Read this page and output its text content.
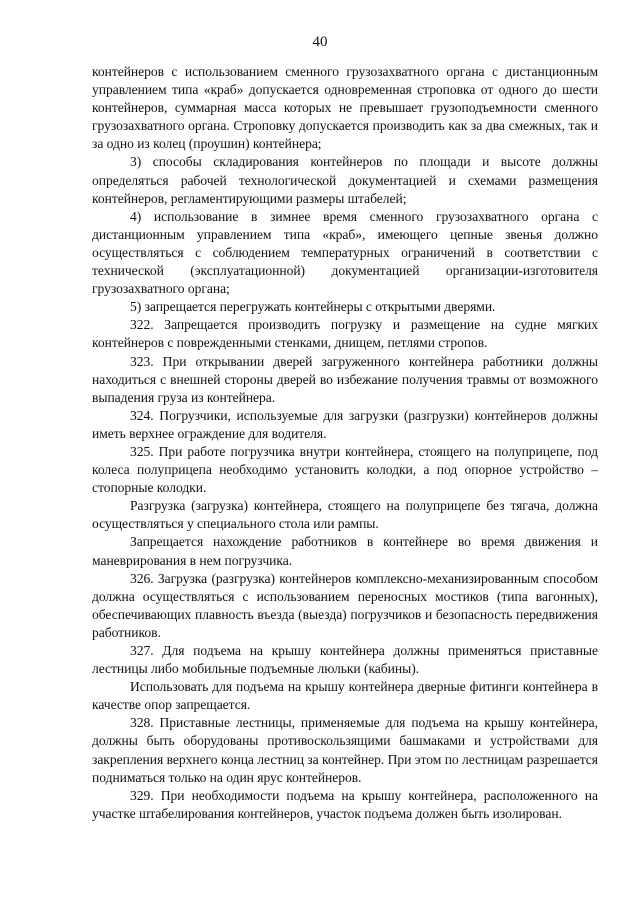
40

контейнеров с использованием сменного грузозахватного органа с дистанционным управлением типа «краб» допускается одновременная строповка от одного до шести контейнеров, суммарная масса которых не превышает грузоподъемности сменного грузозахватного органа. Строповку допускается производить как за два смежных, так и за одно из колец (проушин) контейнера;

3) способы складирования контейнеров по площади и высоте должны определяться рабочей технологической документацией и схемами размещения контейнеров, регламентирующими размеры штабелей;

4) использование в зимнее время сменного грузозахватного органа с дистанционным управлением типа «краб», имеющего цепные звенья должно осуществляться с соблюдением температурных ограничений в соответствии с технической (эксплуатационной) документацией организации-изготовителя грузозахватного органа;

5) запрещается перегружать контейнеры с открытыми дверями.

322. Запрещается производить погрузку и размещение на судне мягких контейнеров с поврежденными стенками, днищем, петлями стропов.

323. При открывании дверей загруженного контейнера работники должны находиться с внешней стороны дверей во избежание получения травмы от возможного выпадения груза из контейнера.

324. Погрузчики, используемые для загрузки (разгрузки) контейнеров должны иметь верхнее ограждение для водителя.

325. При работе погрузчика внутри контейнера, стоящего на полуприцепе, под колеса полуприцепа необходимо установить колодки, а под опорное устройство – стопорные колодки.

Разгрузка (загрузка) контейнера, стоящего на полуприцепе без тягача, должна осуществляться у специального стола или рампы.

Запрещается нахождение работников в контейнере во время движения и маневрирования в нем погрузчика.

326. Загрузка (разгрузка) контейнеров комплексно-механизированным способом должна осуществляться с использованием переносных мостиков (типа вагонных), обеспечивающих плавность въезда (выезда) погрузчиков и безопасность передвижения работников.

327. Для подъема на крышу контейнера должны применяться приставные лестницы либо мобильные подъемные люльки (кабины).

Использовать для подъема на крышу контейнера дверные фитинги контейнера в качестве опор запрещается.

328. Приставные лестницы, применяемые для подъема на крышу контейнера, должны быть оборудованы противоскользящими башмаками и устройствами для закрепления верхнего конца лестниц за контейнер. При этом по лестницам разрешается подниматься только на один ярус контейнеров.

329. При необходимости подъема на крышу контейнера, расположенного на участке штабелирования контейнеров, участок подъема должен быть изолирован.
